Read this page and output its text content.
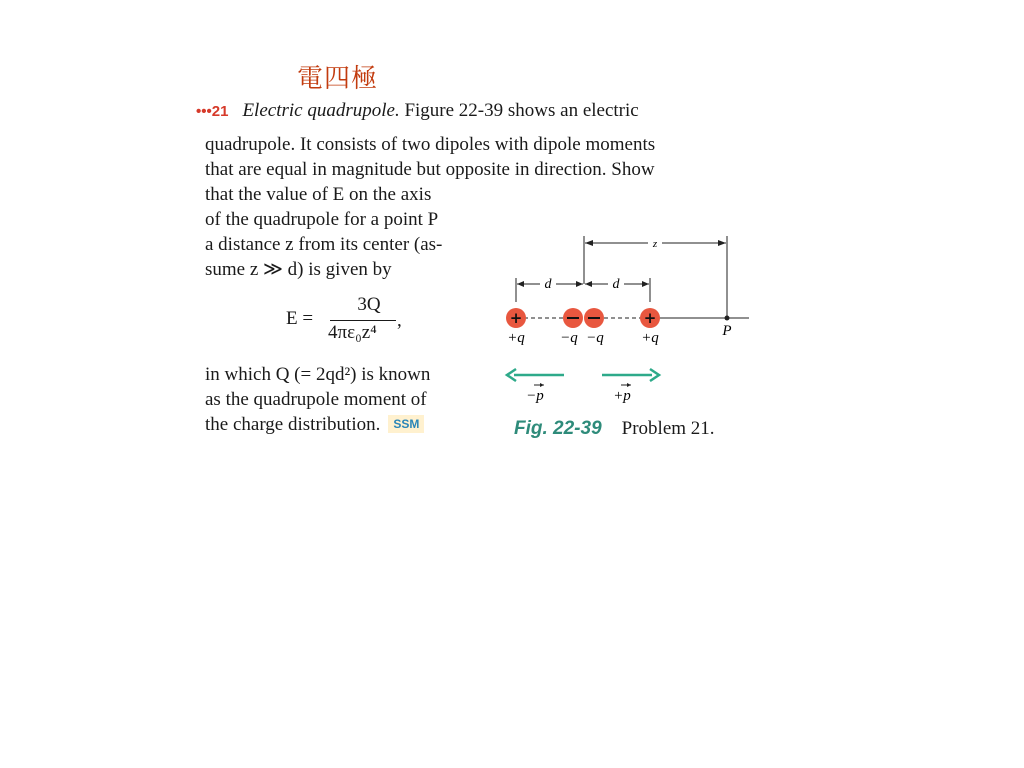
電四極
•••21 Electric quadrupole. Figure 22-39 shows an electric
quadrupole. It consists of two dipoles with dipole moments
that are equal in magnitude but opposite in direction. Show
that the value of E on the axis
of the quadrupole for a point P
a distance z from its center (as-
sume z ≫ d) is given by
E =
3Q
4πε₀z⁴
,
in which Q (= 2qd²) is known
as the quadrupole moment of
the charge distribution. SSM
z
d	d
+	+
P
+q −q −q +q
−p	+p
Fig. 22-39 Problem 21.
